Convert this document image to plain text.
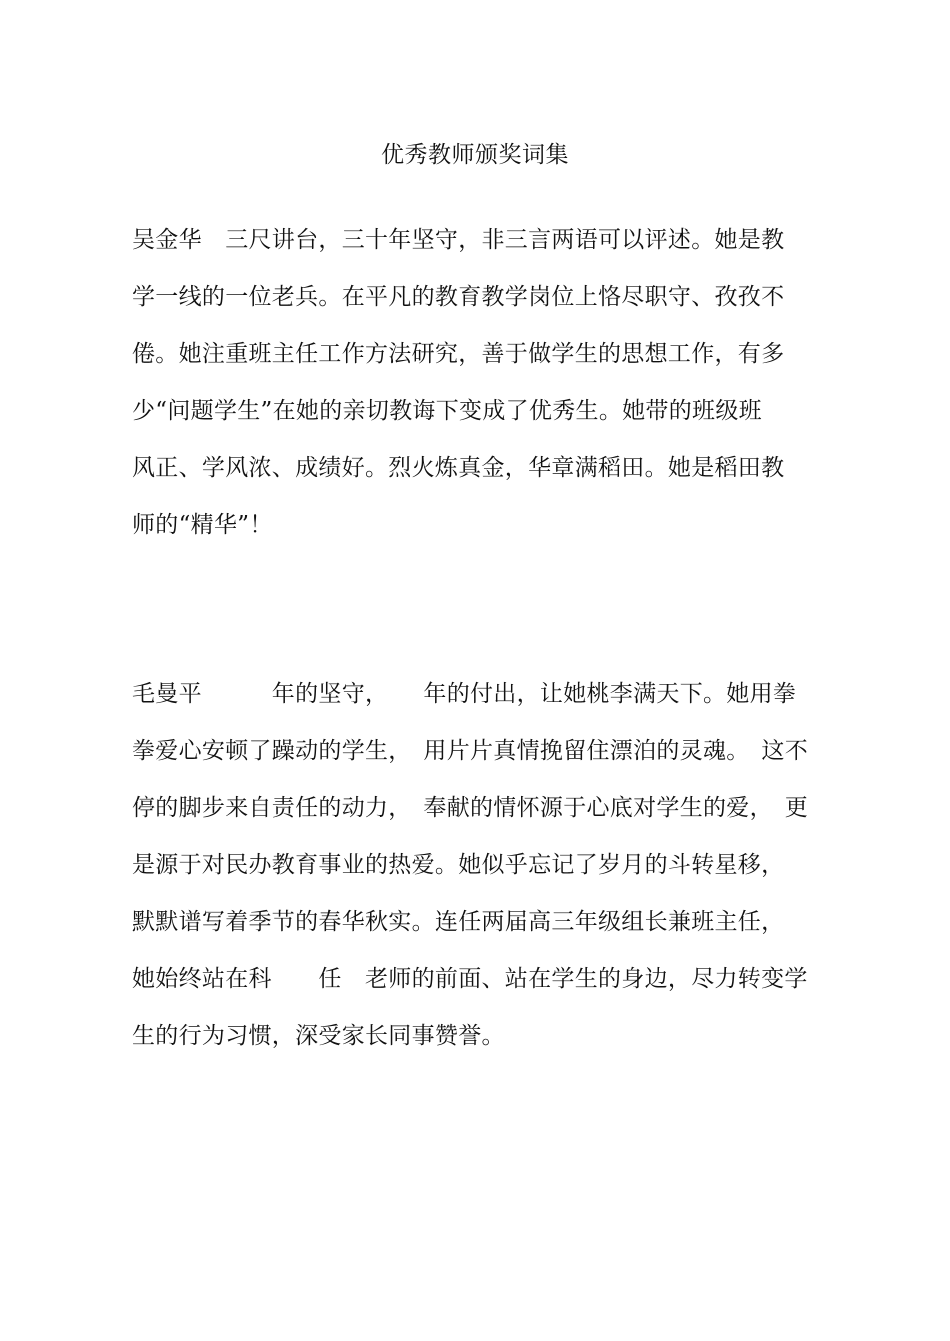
优秀教师颁奖词集
吴金华　三尺讲台，三十年坚守，非三言两语可以评述。她是教
学一线的一位老兵。在平凡的教育教学岗位上恪尽职守、孜孜不
倦。她注重班主任工作方法研究，善于做学生的思想工作，有多
少“问题学生”在她的亲切教诲下变成了优秀生。她带的班级班
风正、学风浓、成绩好。烈火炼真金，华章满稻田。她是稻田教
师的“精华”！
毛曼平　　　年的坚守，　　年的付出，让她桃李满天下。她用拳
拳爱心安顿了躁动的学生，　用片片真情挽留住漂泊的灵魂。　这不
停的脚步来自责任的动力，　奉献的情怀源于心底对学生的爱，　更
是源于对民办教育事业的热爱。她似乎忘记了岁月的斗转星移，
默默谱写着季节的春华秋实。连任两届高三年级组长兼班主任，
她始终站在科　　任　老师的前面、站在学生的身边，尽力转变学
生的行为习惯，深受家长同事赞誉。
